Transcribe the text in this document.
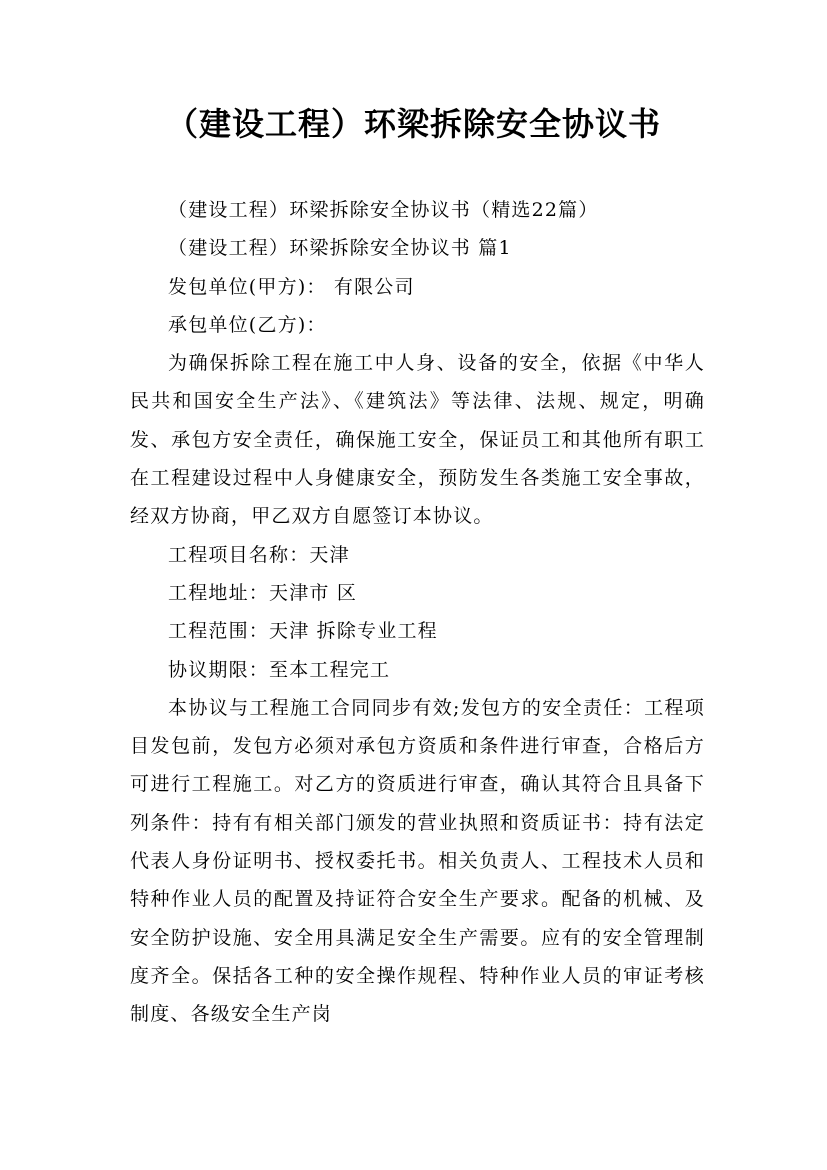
（建设工程）环梁拆除安全协议书

（建设工程）环梁拆除安全协议书（精选22篇）

（建设工程）环梁拆除安全协议书 篇1

发包单位(甲方)： 有限公司

承包单位(乙方)：

为确保拆除工程在施工中人身、设备的安全，依据《中华人民共和国安全生产法》、《建筑法》等法律、法规、规定，明确发、承包方安全责任，确保施工安全，保证员工和其他所有职工在工程建设过程中人身健康安全，预防发生各类施工安全事故，经双方协商，甲乙双方自愿签订本协议。

工程项目名称：天津

工程地址：天津市 区

工程范围：天津 拆除专业工程

协议期限：至本工程完工

本协议与工程施工合同同步有效;发包方的安全责任：工程项目发包前，发包方必须对承包方资质和条件进行审查，合格后方可进行工程施工。对乙方的资质进行审查，确认其符合且具备下列条件：持有有相关部门颁发的营业执照和资质证书：持有法定代表人身份证明书、授权委托书。相关负责人、工程技术人员和特种作业人员的配置及持证符合安全生产要求。配备的机械、及安全防护设施、安全用具满足安全生产需要。应有的安全管理制度齐全。保括各工种的安全操作规程、特种作业人员的审证考核制度、各级安全生产岗
